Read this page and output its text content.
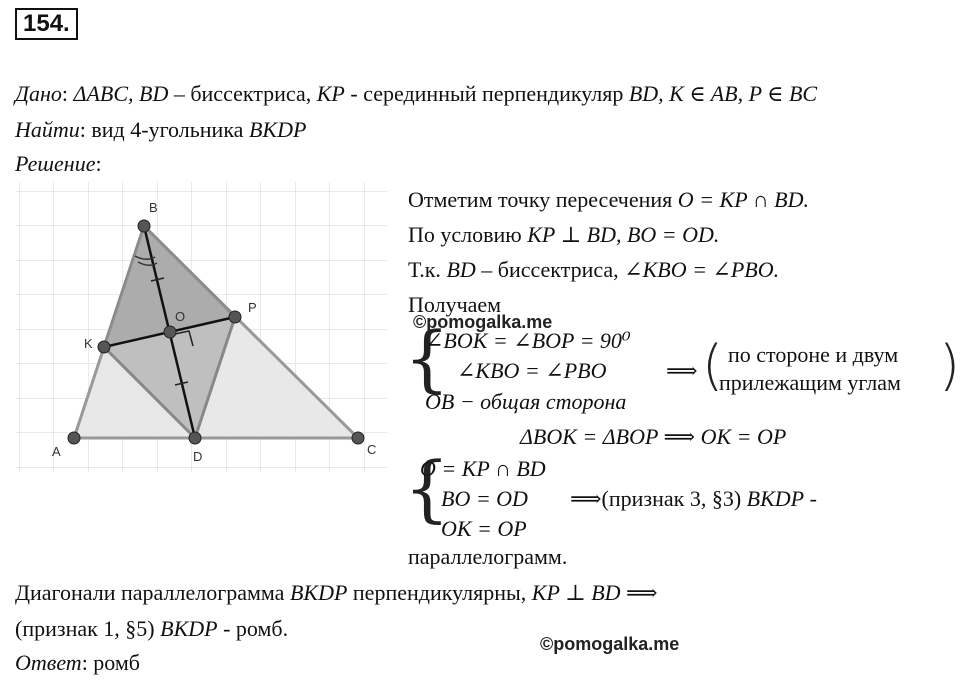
154.
Дано: ΔABC, BD – биссектриса, KP - серединный перпендикуляр BD, K ∈ AB, P ∈ BC
Найти: вид 4-угольника BKDP
Решение:
B
A	C
D
K
P
O
Отметим точку пересечения O = KP ∩ BD.
По условию KP ⊥ BD, BO = OD.
Т.к. BD – биссектриса, ∠KBO = ∠PBO.
Получаем
©pomogalka.me
{
∠BOK = ∠BOP = 90⁰
∠KBO = ∠PBO
OB − общая сторона
⟹ ( по стороне и двум
прилежащим углам )
ΔBOK = ΔBOP ⟹ OK = OP
{
O = KP ∩ BD
BO = OD
OK = OP
⟹(признак 3, §3) BKDP -
параллелограмм.
Диагонали параллелограмма BKDP перпендикулярны, KP ⊥ BD ⟹
(признак 1, §5) BKDP - ромб.
©pomogalka.me
Ответ: ромб
